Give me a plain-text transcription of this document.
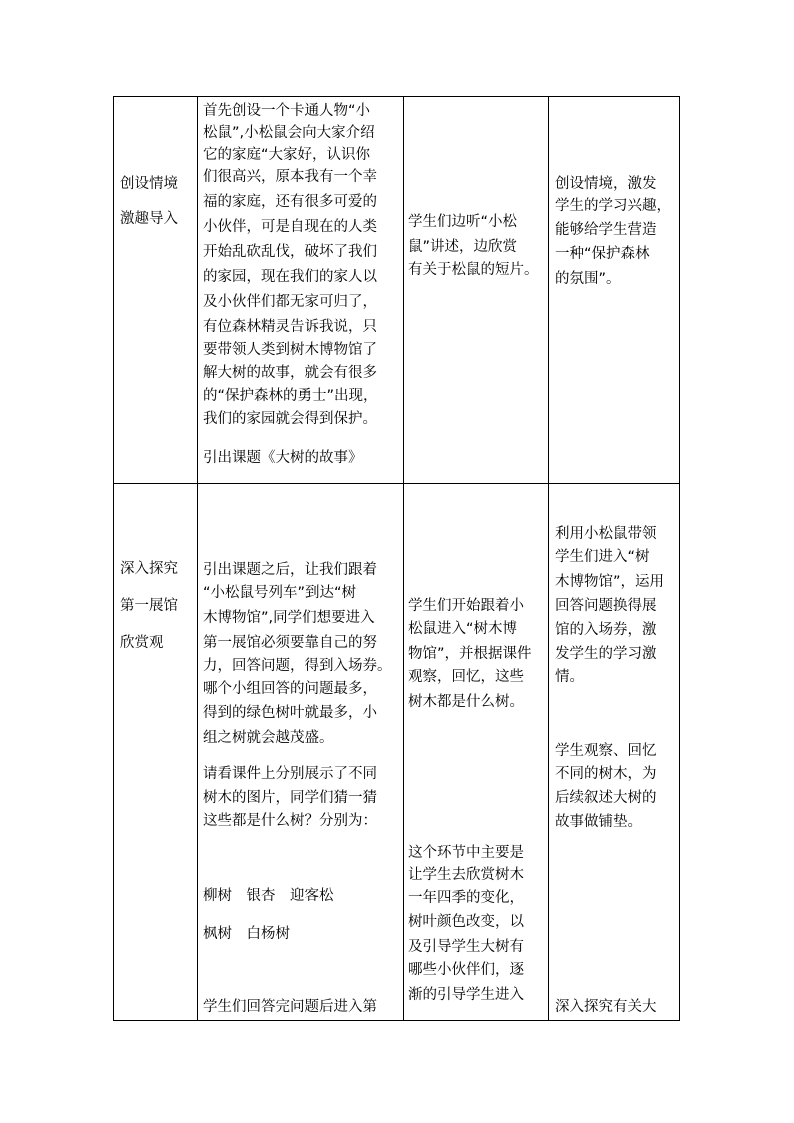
创设情境
激趣导入
首先创设一个卡通人物“小
松鼠”,小松鼠会向大家介绍
它的家庭“大家好，认识你
们很高兴，原本我有一个幸
福的家庭，还有很多可爱的
小伙伴，可是自现在的人类
开始乱砍乱伐，破坏了我们
的家园，现在我们的家人以
及小伙伴们都无家可归了，
有位森林精灵告诉我说，只
要带领人类到树木博物馆了
解大树的故事，就会有很多
的“保护森林的勇士”出现，
我们的家园就会得到保护。
引出课题《大树的故事》
学生们边听“小松
鼠”讲述，边欣赏
有关于松鼠的短片。
创设情境，激发
学生的学习兴趣，
能够给学生营造
一种“保护森林
的氛围”。
深入探究
第一展馆
欣赏观
引出课题之后，让我们跟着
“小松鼠号列车”到达“树
木博物馆”,同学们想要进入
第一展馆必须要靠自己的努
力，回答问题，得到入场券。
哪个小组回答的问题最多，
得到的绿色树叶就最多，小
组之树就会越茂盛。
请看课件上分别展示了不同
树木的图片，同学们猜一猜
这些都是什么树？分别为：
柳树　银杏　迎客松
枫树　白杨树
学生们回答完问题后进入第
学生们开始跟着小
松鼠进入“树木博
物馆”，并根据课件
观察，回忆，这些
树木都是什么树。
这个环节中主要是
让学生去欣赏树木
一年四季的变化，
树叶颜色改变，以
及引导学生大树有
哪些小伙伴们，逐
渐的引导学生进入
利用小松鼠带领
学生们进入“树
木博物馆”，运用
回答问题换得展
馆的入场券，激
发学生的学习激
情。
学生观察、回忆
不同的树木，为
后续叙述大树的
故事做铺垫。
深入探究有关大
